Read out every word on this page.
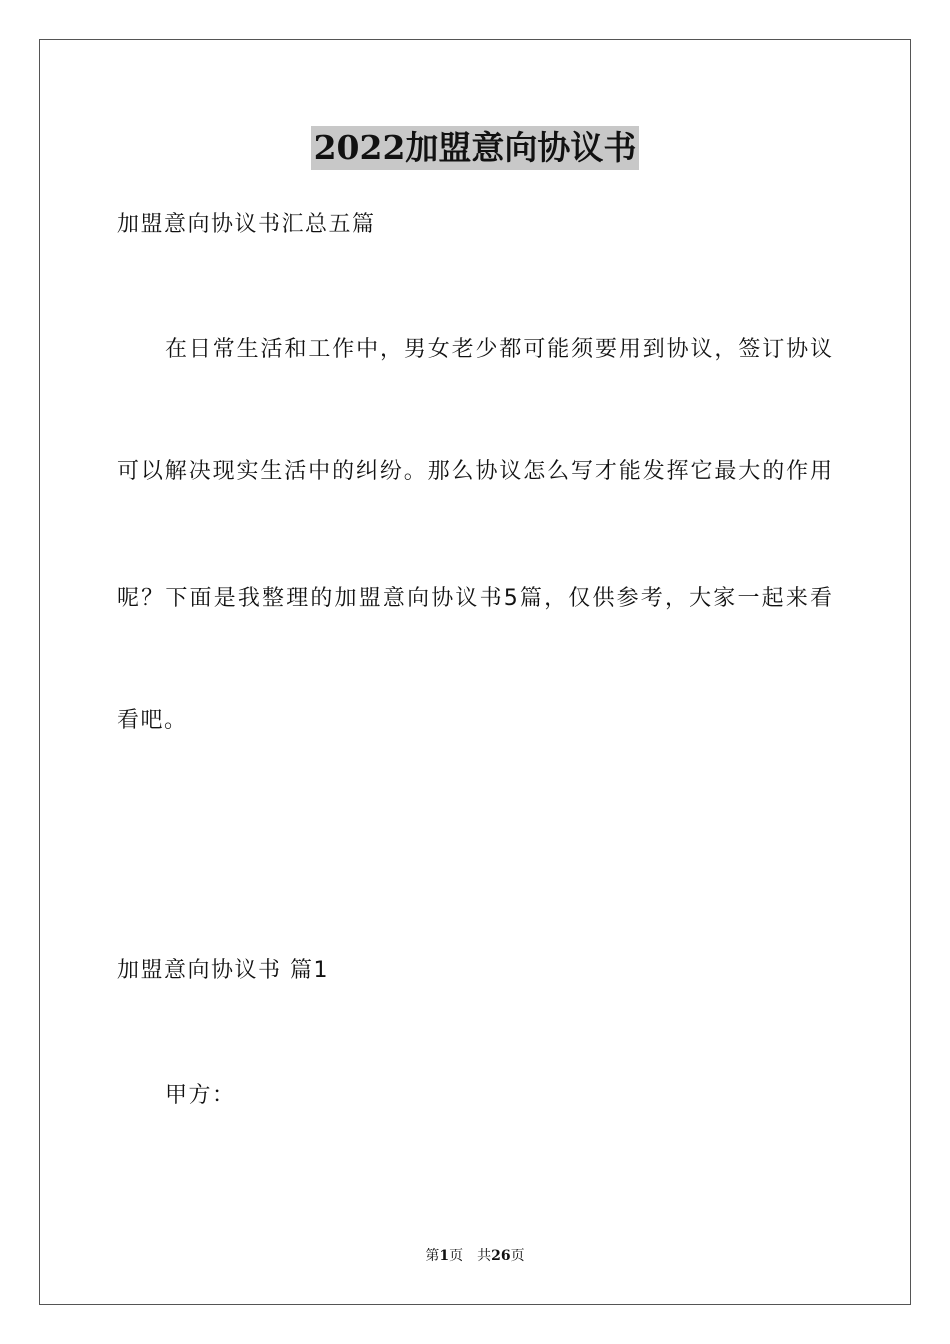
2022加盟意向协议书
加盟意向协议书汇总五篇
在日常生活和工作中，男女老少都可能须要用到协议，签订协议
可以解决现实生活中的纠纷。那么协议怎么写才能发挥它最大的作用
呢？下面是我整理的加盟意向协议书5篇，仅供参考，大家一起来看
看吧。
加盟意向协议书 篇1
甲方：
第1页 共26页
